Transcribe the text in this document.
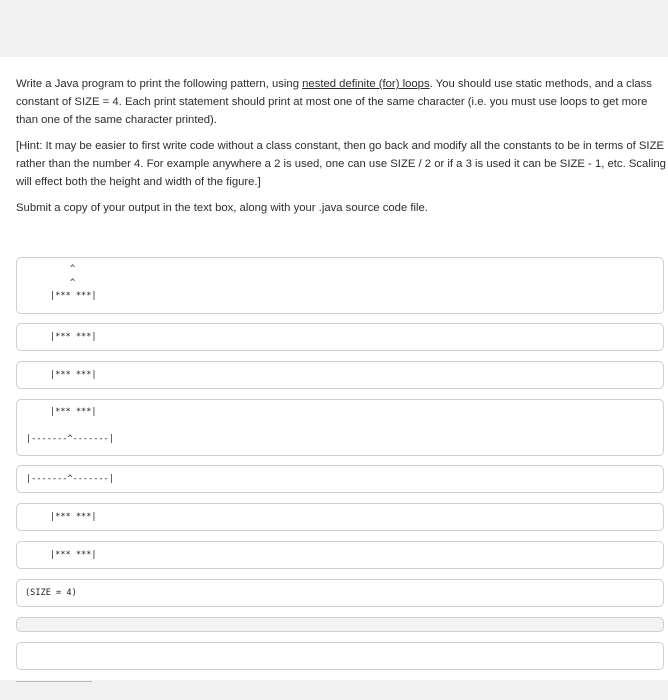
Write a Java program to print the following pattern, using nested definite (for) loops. You should use static methods, and a class constant of SIZE = 4. Each print statement should print at most one of the same character (i.e. you must use loops to get more than one of the same character printed).

[Hint: It may be easier to first write code without a class constant, then go back and modify all the constants to be in terms of SIZE rather than the number 4. For example anywhere a 2 is used, one can use SIZE / 2 or if a 3 is used it can be SIZE - 1, etc. Scaling will effect both the height and width of the figure.]

Submit a copy of your output in the text box, along with your .java source code file.

^
^
|*** ***|
|*** ***|
|*** ***|
|*** ***|
|-------^-------|
|-------^-------|
|*** ***|
|*** ***|
(SIZE = 4)
